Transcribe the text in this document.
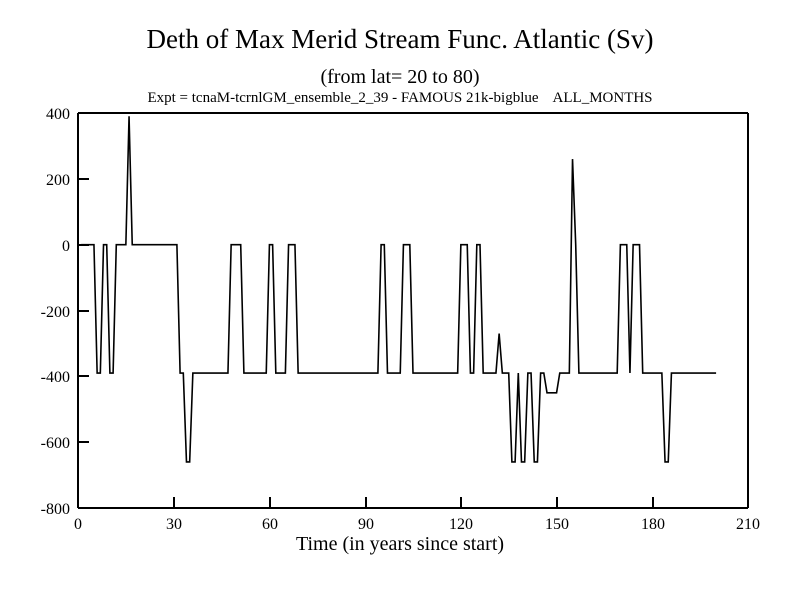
Deth of Max Merid Stream Func. Atlantic (Sv)
(from lat= 20 to 80)
Expt = tcnaM-tcrnlGM_ensemble_2_39 - FAMOUS 21k-bigblue ALL_MONTHS
400
200
0
-200
-400
-600
-800
0	30	60	90	120	150	180	210
Time (in years since start)
